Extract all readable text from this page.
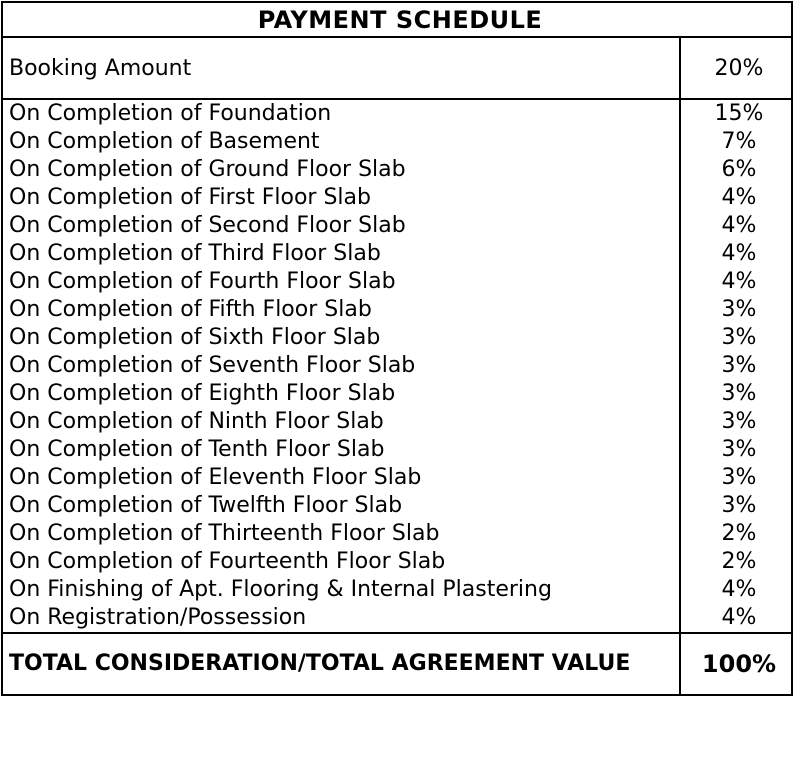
PAYMENT SCHEDULE	
Booking Amount	20%
On Completion of Foundation	15%
On Completion of Basement	7%
On Completion of Ground Floor Slab	6%
On Completion of First Floor Slab	4%
On Completion of Second Floor Slab	4%
On Completion of Third Floor Slab	4%
On Completion of Fourth Floor Slab	4%
On Completion of Fifth Floor Slab	3%
On Completion of Sixth Floor Slab	3%
On Completion of Seventh Floor Slab	3%
On Completion of Eighth Floor Slab	3%
On Completion of Ninth Floor Slab	3%
On Completion of Tenth Floor Slab	3%
On Completion of Eleventh Floor Slab	3%
On Completion of Twelfth Floor Slab	3%
On Completion of Thirteenth Floor Slab	2%
On Completion of Fourteenth Floor Slab	2%
On Finishing of Apt. Flooring & Internal Plastering	4%
On Registration/Possession	4%
TOTAL CONSIDERATION/TOTAL AGREEMENT VALUE	100%
